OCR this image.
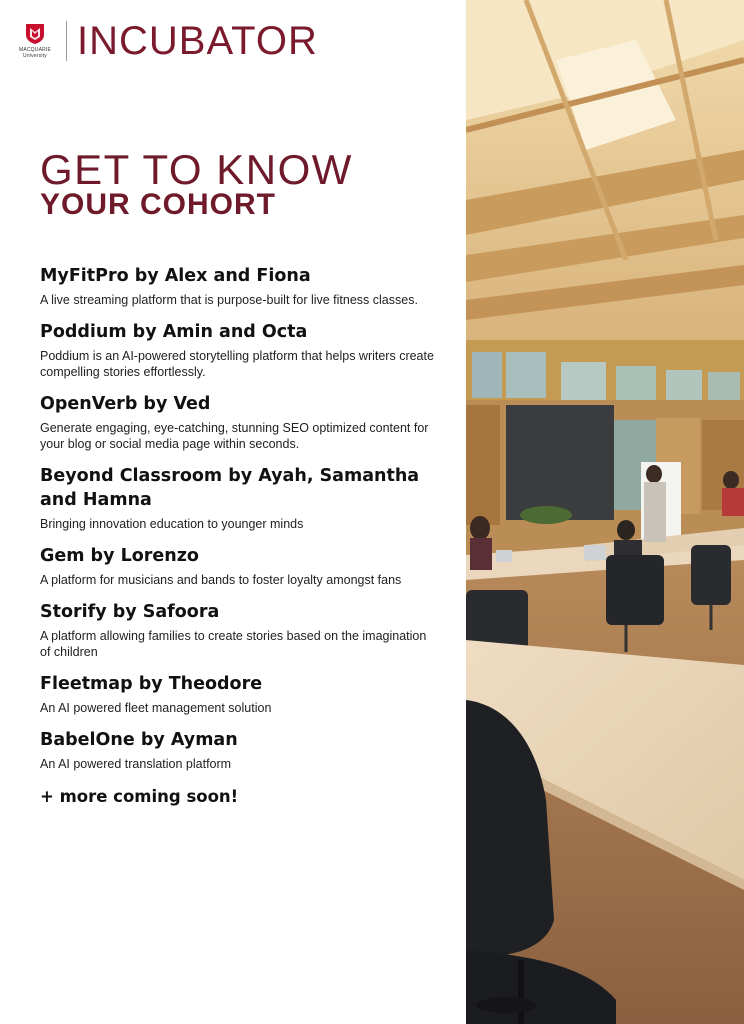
MACQUARIE
University INCUBATOR
GET TO KNOW
YOUR COHORT
MyFitPro by Alex and Fiona

A live streaming platform that is purpose-built for live fitness classes.

Poddium by Amin and Octa

Poddium is an AI-powered storytelling platform that helps writers create compelling stories effortlessly.

OpenVerb by Ved

Generate engaging, eye-catching, stunning SEO optimized content for your blog or social media page within seconds.

Beyond Classroom by Ayah, Samantha and Hamna

Bringing innovation education to younger minds

Gem by Lorenzo

A platform for musicians and bands to foster loyalty amongst fans

Storify by Safoora

A platform allowing families to create stories based on the imagination of children

Fleetmap by Theodore

An AI powered fleet management solution

BabelOne by Ayman

An AI powered translation platform

+ more coming soon!
